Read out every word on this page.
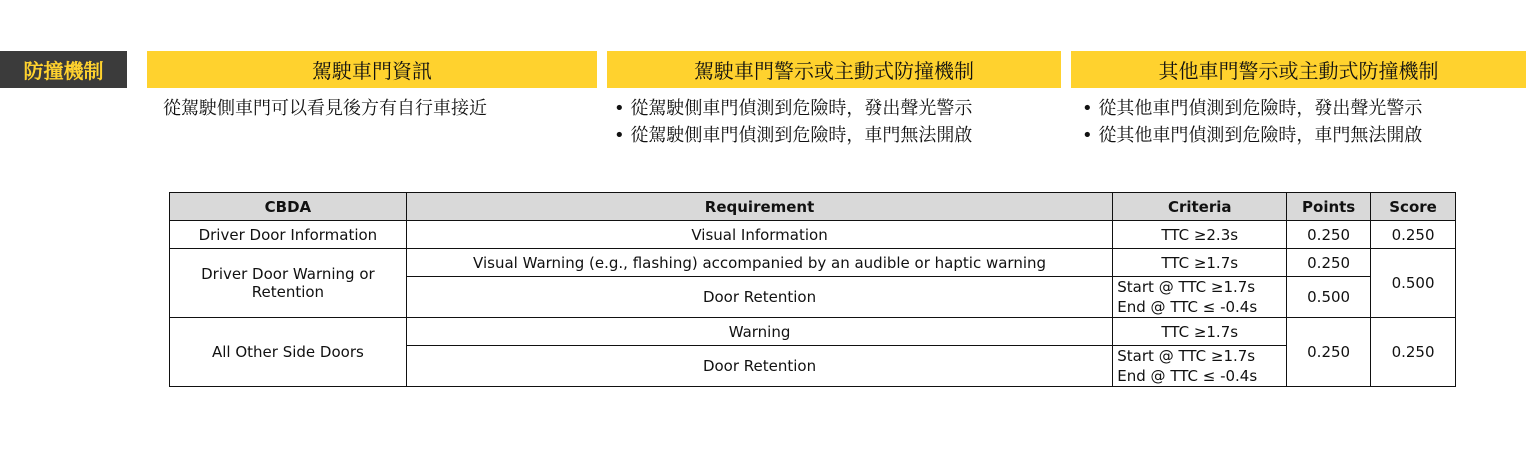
防撞機制	駕駛車門資訊	駕駛車門警示或主動式防撞機制	其他車門警示或主動式防撞機制
從駕駛側車門可以看見後方有自行車接近	• 從駕駛側車門偵測到危險時，發出聲光警示
• 從駕駛側車門偵測到危險時，車門無法開啟
• 從其他車門偵測到危險時，發出聲光警示
• 從其他車門偵測到危險時，車門無法開啟
CBDA	Requirement	Criteria	Points	Score
Driver Door Information	Visual Information	TTC ≥2.3s	0.250	0.250

Driver Door Warning or
Retention	Visual Warning (e.g., flashing) accompanied by an audible or haptic warning	TTC ≥1.7s	0.250	0.500
	Door Retention	Start @ TTC ≥1.7s
End @ TTC ≤ -0.4s	0.500	
All Other Side Doors	Warning	TTC ≥1.7s	0.250	0.250
	Door Retention	Start @ TTC ≥1.7s
End @ TTC ≤ -0.4s		
